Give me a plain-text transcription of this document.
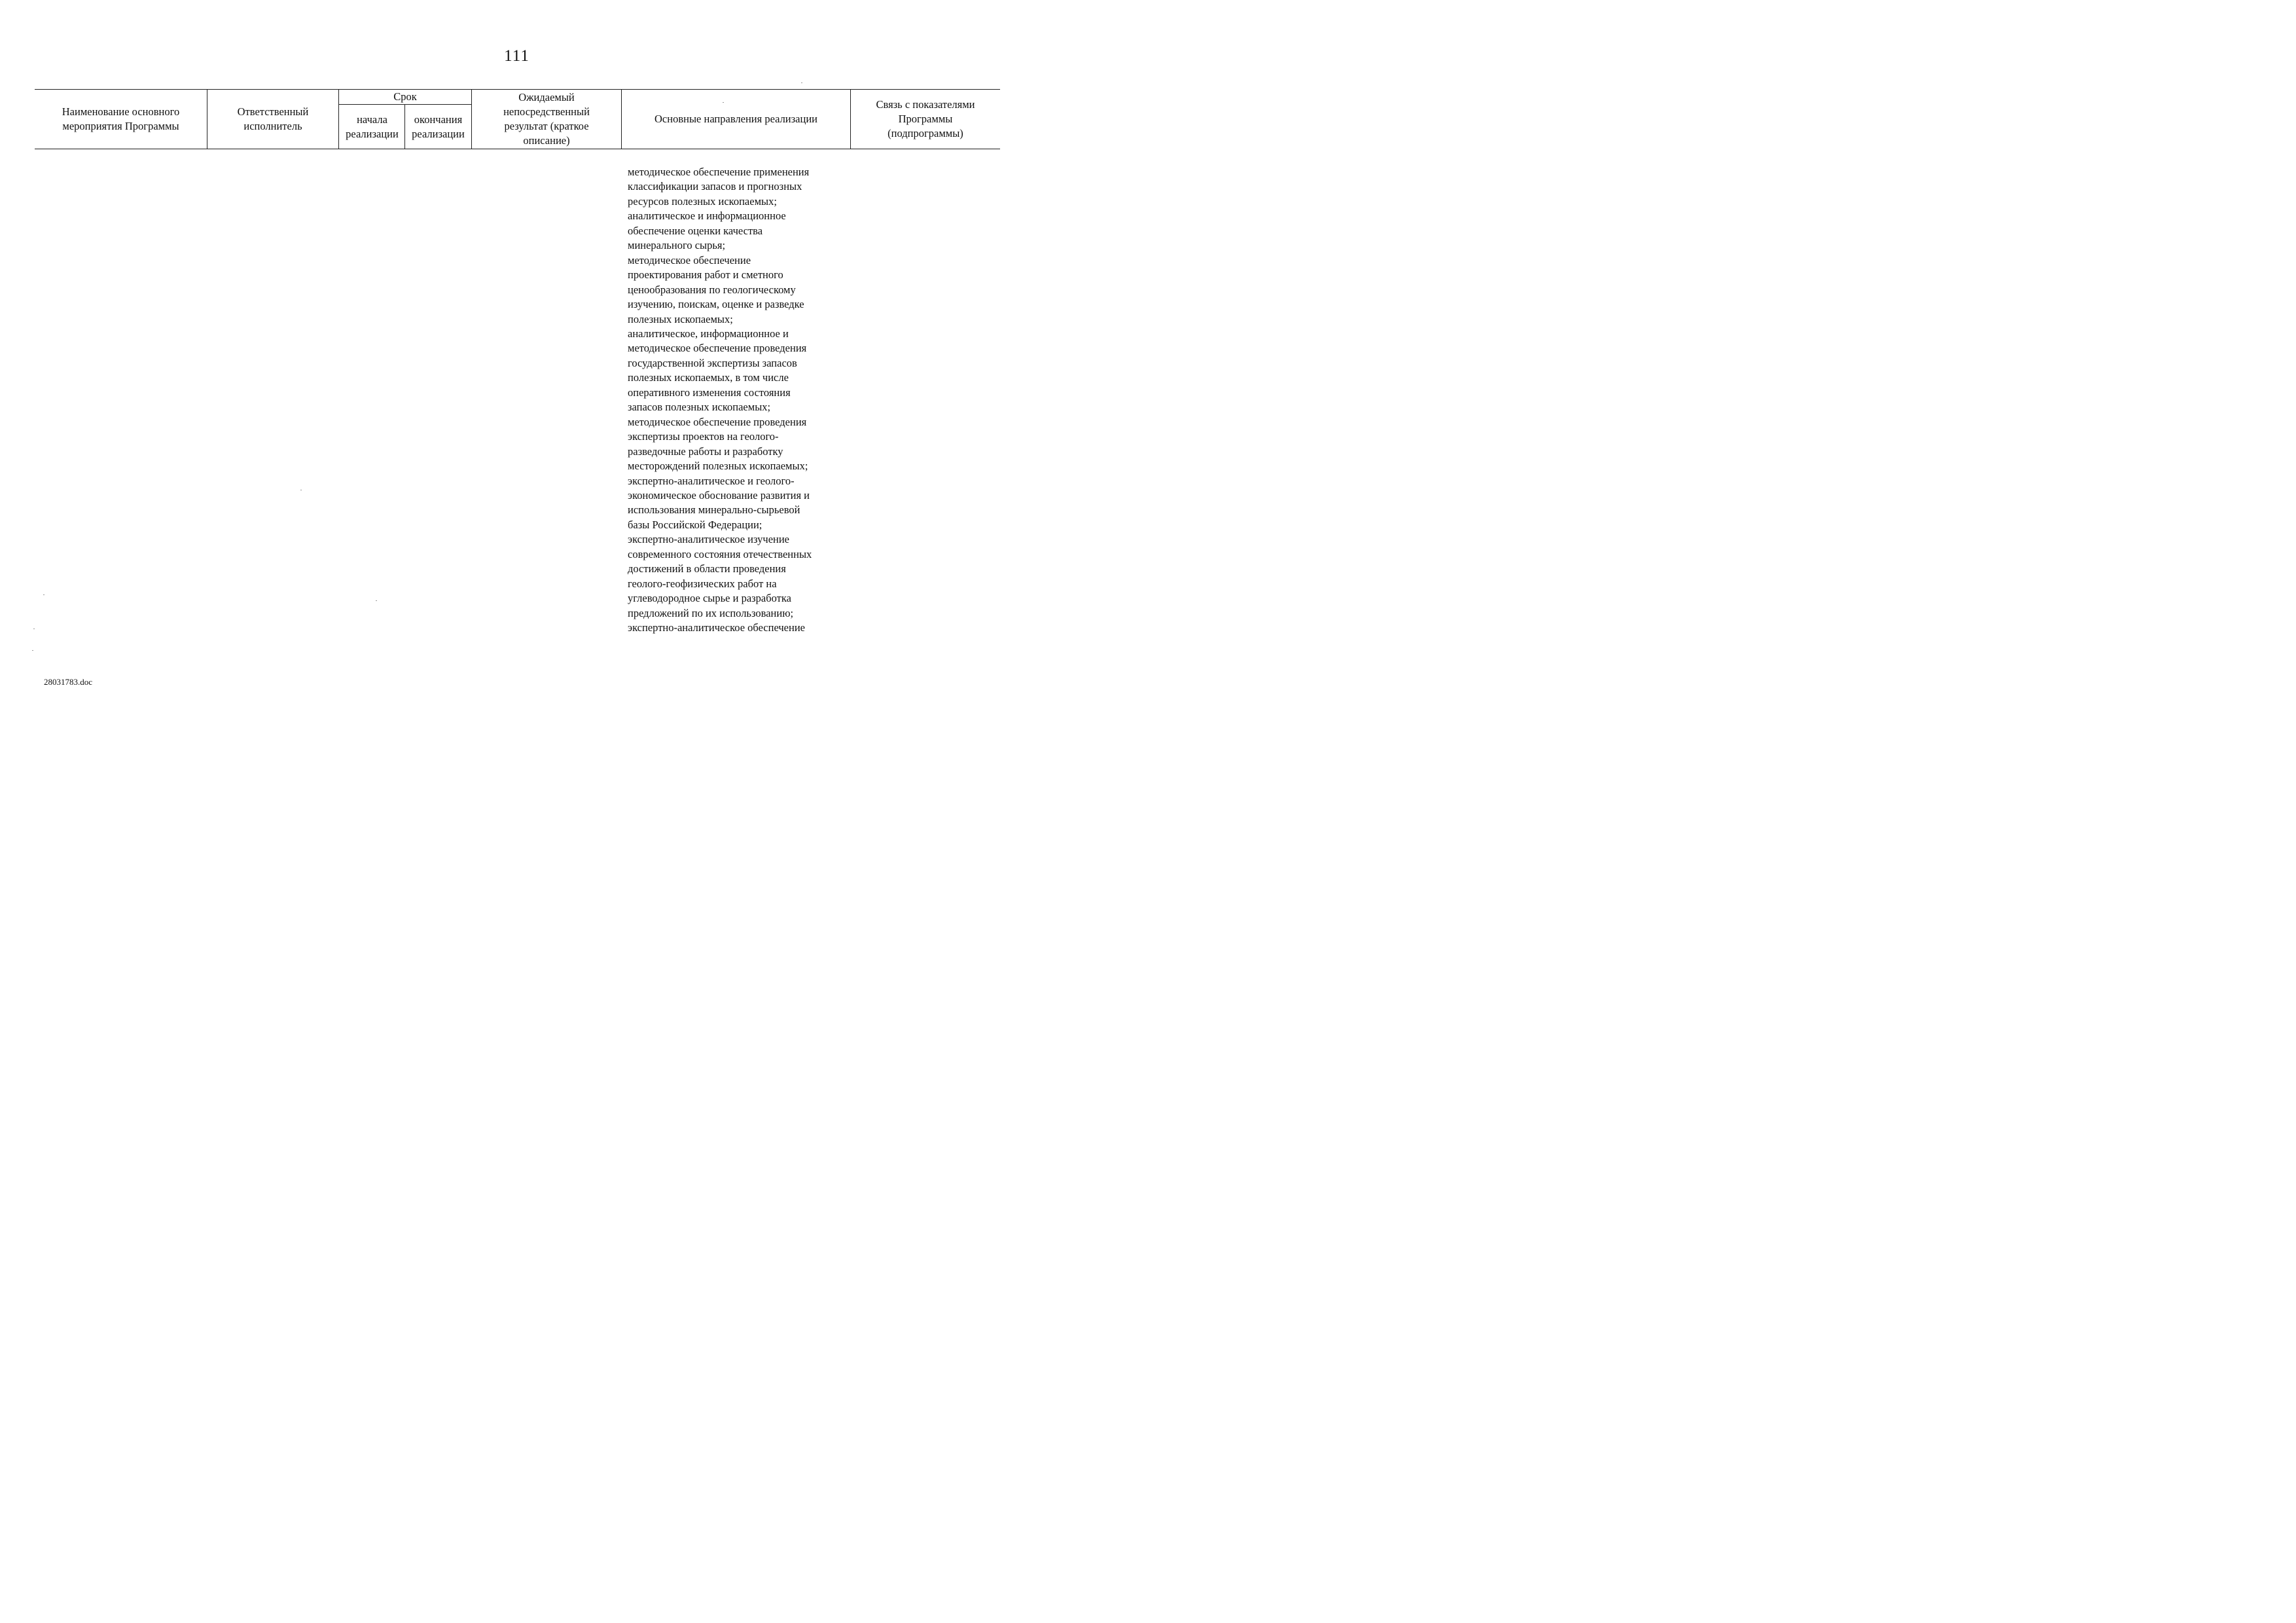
111
Наименование основного
мероприятия Программы
Ответственный
исполнитель
Срок
начала
реализации
окончания
реализации
Ожидаемый
непосредственный
результат (краткое
описание)
Основные направления реализации
Связь с показателями
Программы
(подпрограммы)
методическое обеспечение применения
классификации запасов и прогнозных
ресурсов полезных ископаемых;
аналитическое и информационное
обеспечение оценки качества
минерального сырья;
методическое обеспечение
проектирования работ и сметного
ценообразования по геологическому
изучению, поискам, оценке и разведке
полезных ископаемых;
аналитическое, информационное и
методическое обеспечение проведения
государственной экспертизы запасов
полезных ископаемых, в том числе
оперативного изменения состояния
запасов полезных ископаемых;
методическое обеспечение проведения
экспертизы проектов на геолого-
разведочные работы и разработку
месторождений полезных ископаемых;
экспертно-аналитическое и геолого-
экономическое обоснование развития и
использования минерально-сырьевой
базы Российской Федерации;
экспертно-аналитическое изучение
современного состояния отечественных
достижений в области проведения
геолого-геофизических работ на
углеводородное сырье и разработка
предложений по их использованию;
экспертно-аналитическое обеспечение
28031783.doc
